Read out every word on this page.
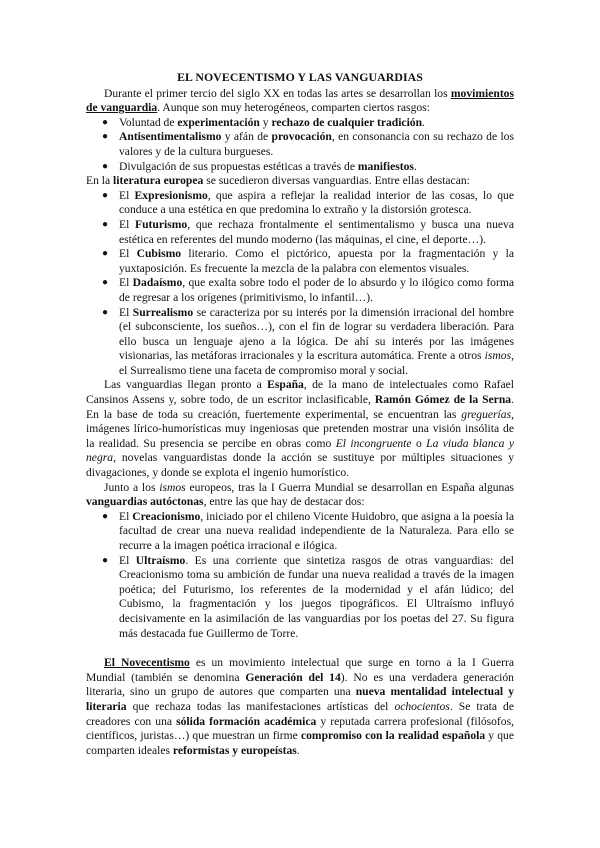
EL NOVECENTISMO Y LAS VANGUARDIAS

Durante el primer tercio del siglo XX en todas las artes se desarrollan los movimientos de vanguardia. Aunque son muy heterogéneos, comparten ciertos rasgos:

● Voluntad de experimentación y rechazo de cualquier tradición.
● Antisentimentalismo y afán de provocación, en consonancia con su rechazo de los valores y de la cultura burgueses.
● Divulgación de sus propuestas estéticas a través de manifiestos.

En la literatura europea se sucedieron diversas vanguardias. Entre ellas destacan:

● El Expresionismo, que aspira a reflejar la realidad interior de las cosas, lo que conduce a una estética en que predomina lo extraño y la distorsión grotesca.
● El Futurismo, que rechaza frontalmente el sentimentalismo y busca una nueva estética en referentes del mundo moderno (las máquinas, el cine, el deporte…).
● El Cubismo literario. Como el pictórico, apuesta por la fragmentación y la yuxtaposición. Es frecuente la mezcla de la palabra con elementos visuales.
● El Dadaísmo, que exalta sobre todo el poder de lo absurdo y lo ilógico como forma de regresar a los orígenes (primitivismo, lo infantil…).
● El Surrealismo se caracteriza por su interés por la dimensión irracional del hombre (el subconsciente, los sueños…), con el fin de lograr su verdadera liberación. Para ello busca un lenguaje ajeno a la lógica. De ahí su interés por las imágenes visionarias, las metáforas irracionales y la escritura automática. Frente a otros ismos, el Surrealismo tiene una faceta de compromiso moral y social.

Las vanguardias llegan pronto a España, de la mano de intelectuales como Rafael Cansinos Assens y, sobre todo, de un escritor inclasificable, Ramón Gómez de la Serna. En la base de toda su creación, fuertemente experimental, se encuentran las greguerías, imágenes lírico-humorísticas muy ingeniosas que pretenden mostrar una visión insólita de la realidad. Su presencia se percibe en obras como El incongruente o La viuda blanca y negra, novelas vanguardistas donde la acción se sustituye por múltiples situaciones y divagaciones, y donde se explota el ingenio humorístico.

Junto a los ismos europeos, tras la I Guerra Mundial se desarrollan en España algunas vanguardias autóctonas, entre las que hay de destacar dos:

● El Creacionismo, iniciado por el chileno Vicente Huidobro, que asigna a la poesía la facultad de crear una nueva realidad independiente de la Naturaleza. Para ello se recurre a la imagen poética irracional e ilógica.
● El Ultraísmo. Es una corriente que sintetiza rasgos de otras vanguardias: del Creacionismo toma su ambición de fundar una nueva realidad a través de la imagen poética; del Futurismo, los referentes de la modernidad y el afán lúdico; del Cubismo, la fragmentación y los juegos tipográficos. El Ultraísmo influyó decisivamente en la asimilación de las vanguardias por los poetas del 27. Su figura más destacada fue Guillermo de Torre.

El Novecentismo es un movimiento intelectual que surge en torno a la I Guerra Mundial (también se denomina Generación del 14). No es una verdadera generación literaria, sino un grupo de autores que comparten una nueva mentalidad intelectual y literaria que rechaza todas las manifestaciones artísticas del ochocientos. Se trata de creadores con una sólida formación académica y reputada carrera profesional (filósofos, científicos, juristas…) que muestran un firme compromiso con la realidad española y que comparten ideales reformistas y europeístas.
